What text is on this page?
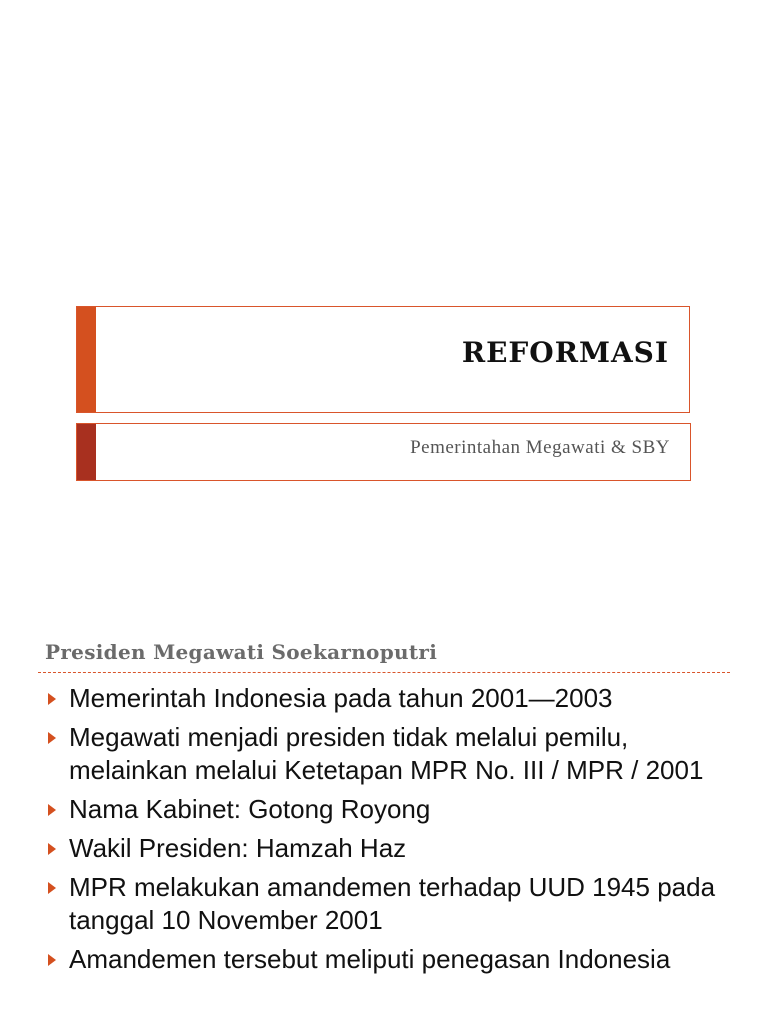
REFORMASI
Pemerintahan Megawati & SBY
Presiden Megawati Soekarnoputri
Memerintah Indonesia pada tahun 2001—2003
Megawati menjadi presiden tidak melalui pemilu, melainkan melalui Ketetapan MPR No. III / MPR / 2001
Nama Kabinet: Gotong Royong
Wakil Presiden: Hamzah Haz
MPR melakukan amandemen terhadap UUD 1945 pada tanggal 10 November 2001
Amandemen tersebut meliputi penegasan Indonesia
